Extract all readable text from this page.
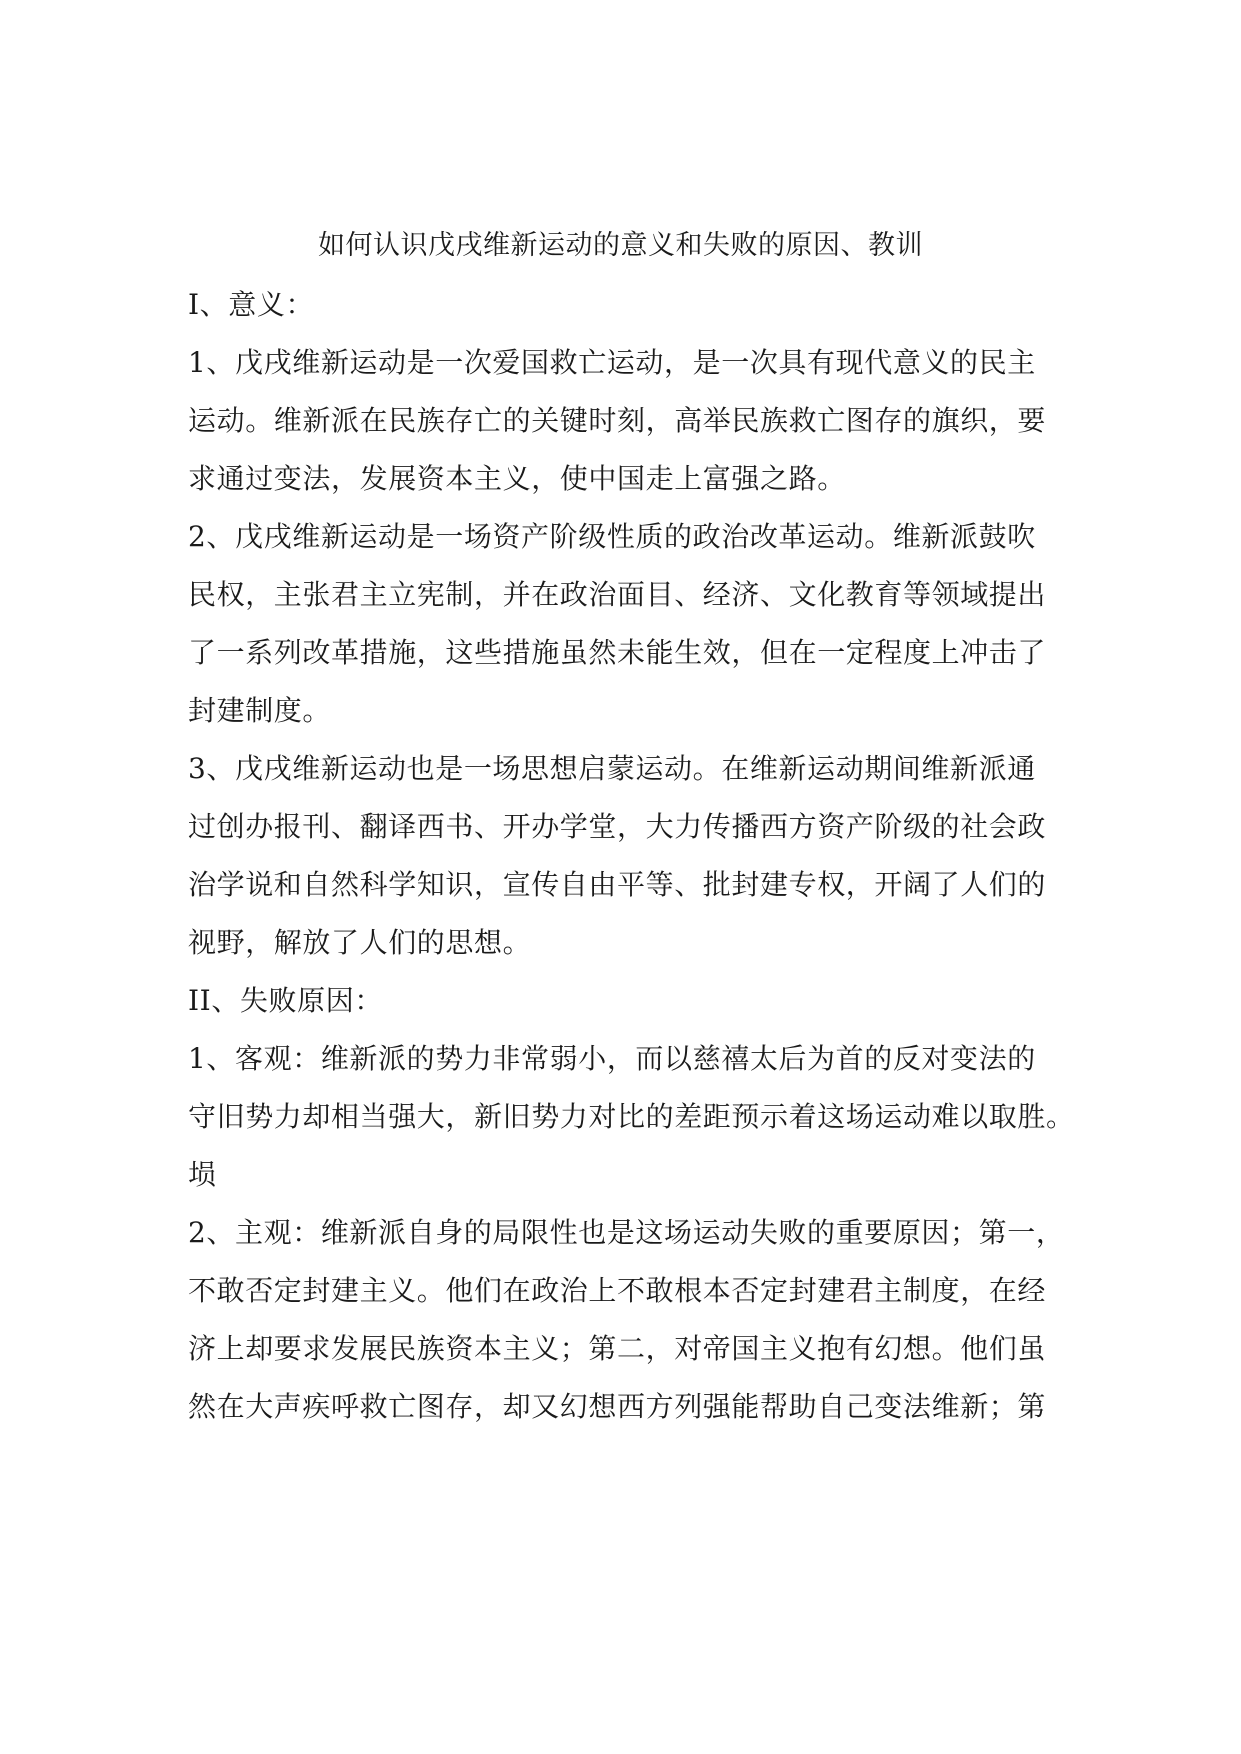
如何认识戊戌维新运动的意义和失败的原因、教训
I、意义：
1、戊戌维新运动是一次爱国救亡运动，是一次具有现代意义的民主
运动。维新派在民族存亡的关键时刻，高举民族救亡图存的旗织，要
求通过变法，发展资本主义，使中国走上富强之路。
2、戊戌维新运动是一场资产阶级性质的政治改革运动。维新派鼓吹
民权，主张君主立宪制，并在政治面目、经济、文化教育等领域提出
了一系列改革措施，这些措施虽然未能生效，但在一定程度上冲击了
封建制度。
3、戊戌维新运动也是一场思想启蒙运动。在维新运动期间维新派通
过创办报刊、翻译西书、开办学堂，大力传播西方资产阶级的社会政
治学说和自然科学知识，宣传自由平等、批封建专权，开阔了人们的
视野，解放了人们的思想。
II、失败原因：
1、客观：维新派的势力非常弱小，而以慈禧太后为首的反对变法的
守旧势力却相当强大，新旧势力对比的差距预示着这场运动难以取胜。
埙
2、主观：维新派自身的局限性也是这场运动失败的重要原因；第一，
不敢否定封建主义。他们在政治上不敢根本否定封建君主制度，在经
济上却要求发展民族资本主义；第二，对帝国主义抱有幻想。他们虽
然在大声疾呼救亡图存，却又幻想西方列强能帮助自己变法维新；第
